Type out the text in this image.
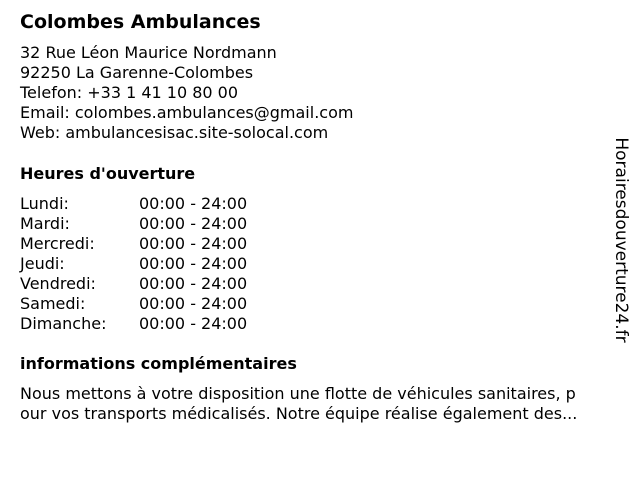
Colombes Ambulances
32 Rue Léon Maurice Nordmann
92250 La Garenne-Colombes
Telefon: +33 1 41 10 80 00
Email: colombes.ambulances@gmail.com
Web: ambulancesisac.site-solocal.com
Heures d'ouverture
Lundi:	00:00 - 24:00
Mardi:	00:00 - 24:00
Mercredi:	00:00 - 24:00
Jeudi:	00:00 - 24:00
Vendredi:	00:00 - 24:00
Samedi:	00:00 - 24:00
Dimanche: 00:00 - 24:00
informations complémentaires
Nous mettons à votre disposition une flotte de véhicules sanitaires, p
our vos transports médicalisés. Notre équipe réalise également des...
Horairesdouverture24.fr
